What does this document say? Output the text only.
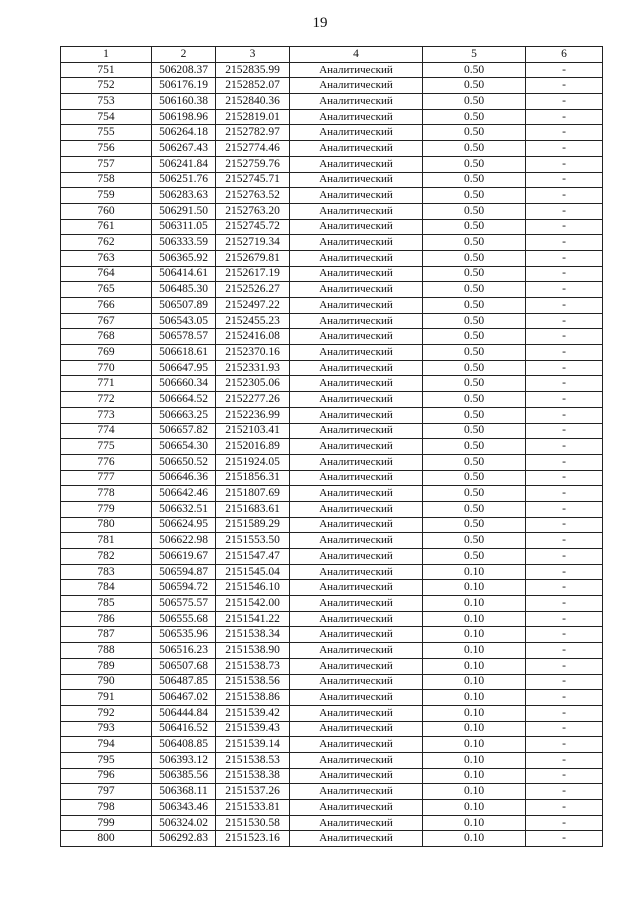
19
1	2	3	4	5	6
751	506208.37	2152835.99	Аналитический	0.50	-
752	506176.19	2152852.07	Аналитический	0.50	-
753	506160.38	2152840.36	Аналитический	0.50	-
754	506198.96	2152819.01	Аналитический	0.50	-
755	506264.18	2152782.97	Аналитический	0.50	-
756	506267.43	2152774.46	Аналитический	0.50	-
757	506241.84	2152759.76	Аналитический	0.50	-
758	506251.76	2152745.71	Аналитический	0.50	-
759	506283.63	2152763.52	Аналитический	0.50	-
760	506291.50	2152763.20	Аналитический	0.50	-
761	506311.05	2152745.72	Аналитический	0.50	-
762	506333.59	2152719.34	Аналитический	0.50	-
763	506365.92	2152679.81	Аналитический	0.50	-
764	506414.61	2152617.19	Аналитический	0.50	-
765	506485.30	2152526.27	Аналитический	0.50	-
766	506507.89	2152497.22	Аналитический	0.50	-
767	506543.05	2152455.23	Аналитический	0.50	-
768	506578.57	2152416.08	Аналитический	0.50	-
769	506618.61	2152370.16	Аналитический	0.50	-
770	506647.95	2152331.93	Аналитический	0.50	-
771	506660.34	2152305.06	Аналитический	0.50	-
772	506664.52	2152277.26	Аналитический	0.50	-
773	506663.25	2152236.99	Аналитический	0.50	-
774	506657.82	2152103.41	Аналитический	0.50	-
775	506654.30	2152016.89	Аналитический	0.50	-
776	506650.52	2151924.05	Аналитический	0.50	-
777	506646.36	2151856.31	Аналитический	0.50	-
778	506642.46	2151807.69	Аналитический	0.50	-
779	506632.51	2151683.61	Аналитический	0.50	-
780	506624.95	2151589.29	Аналитический	0.50	-
781	506622.98	2151553.50	Аналитический	0.50	-
782	506619.67	2151547.47	Аналитический	0.50	-
783	506594.87	2151545.04	Аналитический	0.10	-
784	506594.72	2151546.10	Аналитический	0.10	-
785	506575.57	2151542.00	Аналитический	0.10	-
786	506555.68	2151541.22	Аналитический	0.10	-
787	506535.96	2151538.34	Аналитический	0.10	-
788	506516.23	2151538.90	Аналитический	0.10	-
789	506507.68	2151538.73	Аналитический	0.10	-
790	506487.85	2151538.56	Аналитический	0.10	-
791	506467.02	2151538.86	Аналитический	0.10	-
792	506444.84	2151539.42	Аналитический	0.10	-
793	506416.52	2151539.43	Аналитический	0.10	-
794	506408.85	2151539.14	Аналитический	0.10	-
795	506393.12	2151538.53	Аналитический	0.10	-
796	506385.56	2151538.38	Аналитический	0.10	-
797	506368.11	2151537.26	Аналитический	0.10	-
798	506343.46	2151533.81	Аналитический	0.10	-
799	506324.02	2151530.58	Аналитический	0.10	-
800	506292.83	2151523.16	Аналитический	0.10	-
